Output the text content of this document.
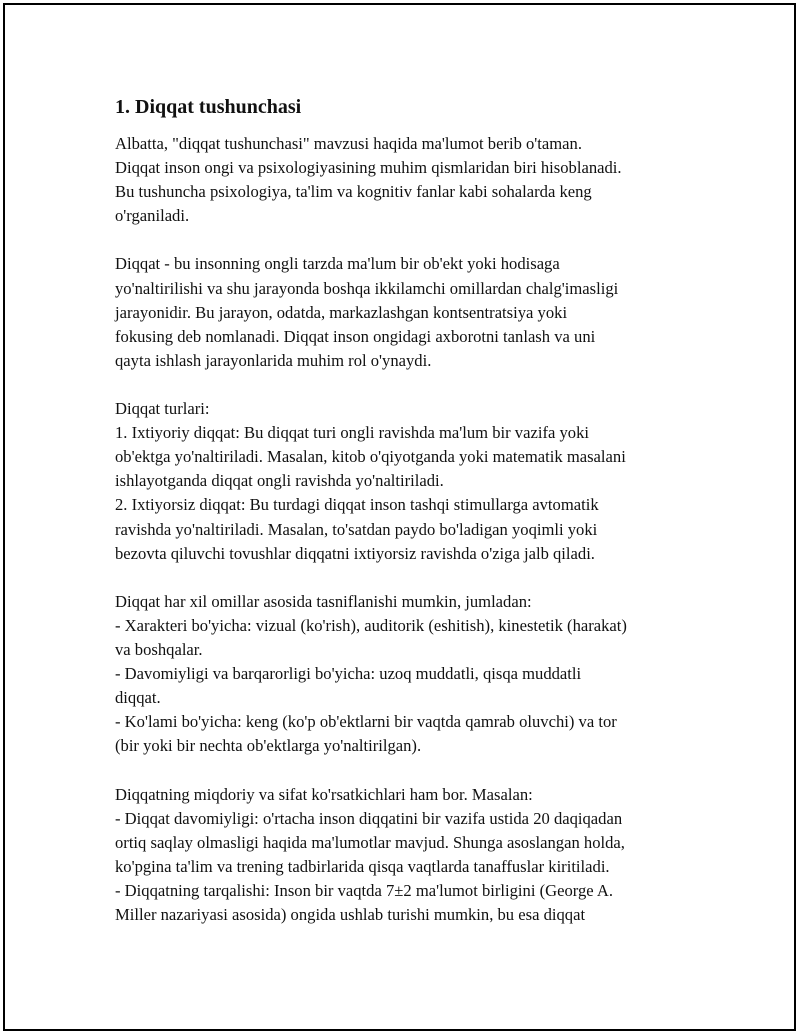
1. Diqqat tushunchasi
Albatta, "diqqat tushunchasi" mavzusi haqida ma'lumot berib o'taman.
Diqqat inson ongi va psixologiyasining muhim qismlaridan biri hisoblanadi.
Bu tushuncha psixologiya, ta'lim va kognitiv fanlar kabi sohalarda keng
o'rganiladi.
Diqqat - bu insonning ongli tarzda ma'lum bir ob'ekt yoki hodisaga
yo'naltirilishi va shu jarayonda boshqa ikkilamchi omillardan chalg'imasligi
jarayonidir. Bu jarayon, odatda, markazlashgan kontsentratsiya yoki
fokusing deb nomlanadi. Diqqat inson ongidagi axborotni tanlash va uni
qayta ishlash jarayonlarida muhim rol o'ynaydi.
Diqqat turlari:
1. Ixtiyoriy diqqat: Bu diqqat turi ongli ravishda ma'lum bir vazifa yoki
ob'ektga yo'naltiriladi. Masalan, kitob o'qiyotganda yoki matematik masalani
ishlayotganda diqqat ongli ravishda yo'naltiriladi.
2. Ixtiyorsiz diqqat: Bu turdagi diqqat inson tashqi stimullarga avtomatik
ravishda yo'naltiriladi. Masalan, to'satdan paydo bo'ladigan yoqimli yoki
bezovta qiluvchi tovushlar diqqatni ixtiyorsiz ravishda o'ziga jalb qiladi.
Diqqat har xil omillar asosida tasniflanishi mumkin, jumladan:
- Xarakteri bo'yicha: vizual (ko'rish), auditorik (eshitish), kinestetik (harakat)
va boshqalar.
- Davomiyligi va barqarorligi bo'yicha: uzoq muddatli, qisqa muddatli
diqqat.
- Ko'lami bo'yicha: keng (ko'p ob'ektlarni bir vaqtda qamrab oluvchi) va tor
(bir yoki bir nechta ob'ektlarga yo'naltirilgan).
Diqqatning miqdoriy va sifat ko'rsatkichlari ham bor. Masalan:
- Diqqat davomiyligi: o'rtacha inson diqqatini bir vazifa ustida 20 daqiqadan
ortiq saqlay olmasligi haqida ma'lumotlar mavjud. Shunga asoslangan holda,
ko'pgina ta'lim va trening tadbirlarida qisqa vaqtlarda tanaffuslar kiritiladi.
- Diqqatning tarqalishi: Inson bir vaqtda 7±2 ma'lumot birligini (George A.
Miller nazariyasi asosida) ongida ushlab turishi mumkin, bu esa diqqat
